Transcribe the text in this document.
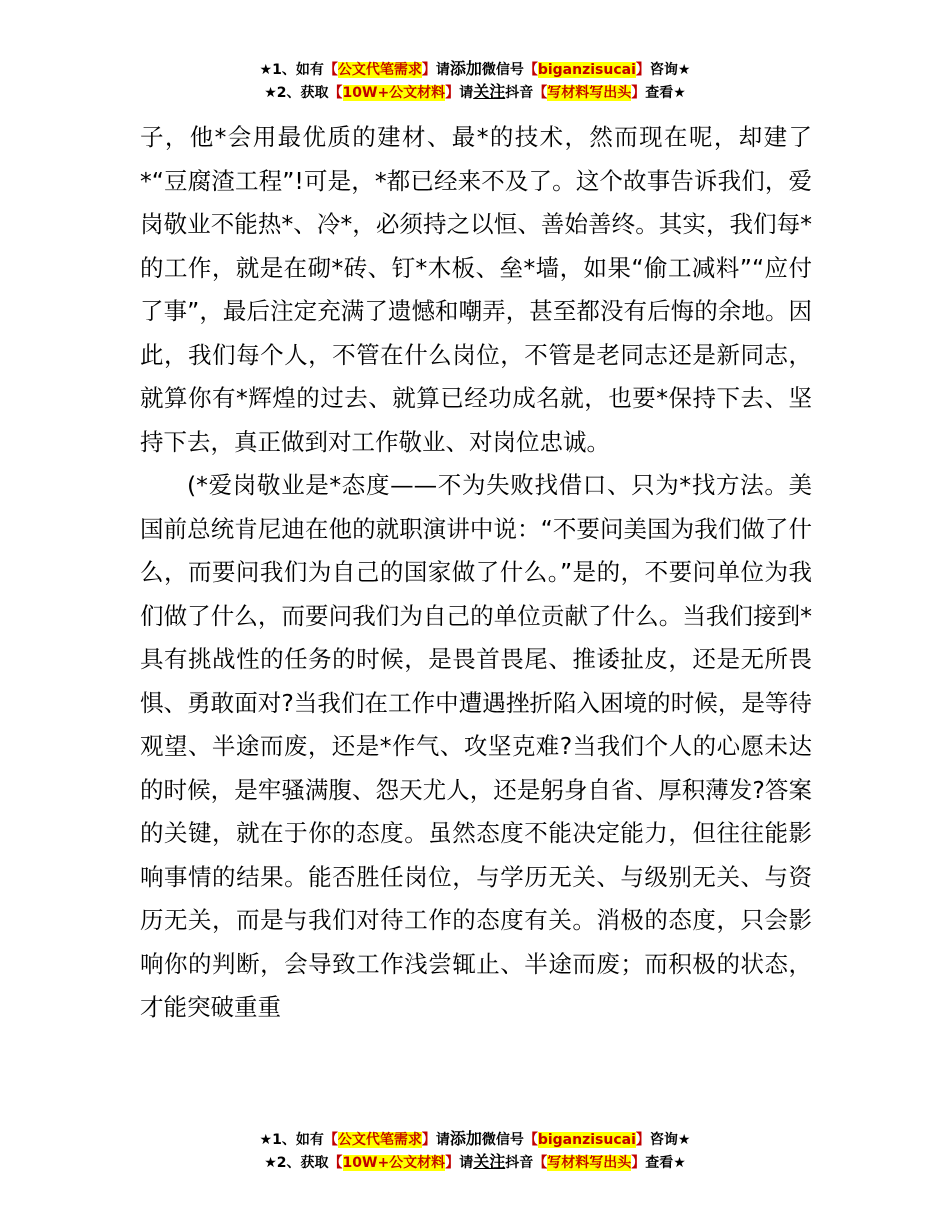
★1、如有【公文代笔需求】请添加微信号【biganzisucai】咨询★
★2、获取【10W+公文材料】请关注抖音【写材料写出头】查看★

子，他*会用最优质的建材、最*的技术，然而现在呢，却建了*“豆腐渣工程”!可是，*都已经来不及了。这个故事告诉我们，爱岗敬业不能热*、冷*，必须持之以恒、善始善终。其实，我们每*的工作，就是在砌*砖、钉*木板、垒*墙，如果“偷工减料”“应付了事”，最后注定充满了遗憾和嘲弄，甚至都没有后悔的余地。因此，我们每个人，不管在什么岗位，不管是老同志还是新同志，就算你有*辉煌的过去、就算已经功成名就，也要*保持下去、坚持下去，真正做到对工作敬业、对岗位忠诚。

(*爱岗敬业是*态度——不为失败找借口、只为*找方法。美国前总统肯尼迪在他的就职演讲中说：“不要问美国为我们做了什么，而要问我们为自己的国家做了什么。”是的，不要问单位为我们做了什么，而要问我们为自己的单位贡献了什么。当我们接到*具有挑战性的任务的时候，是畏首畏尾、推诿扯皮，还是无所畏惧、勇敢面对?当我们在工作中遭遇挫折陷入困境的时候，是等待观望、半途而废，还是*作气、攻坚克难?当我们个人的心愿未达的时候，是牢骚满腹、怨天尤人，还是躬身自省、厚积薄发?答案的关键，就在于你的态度。虽然态度不能决定能力，但往往能影响事情的结果。能否胜任岗位，与学历无关、与级别无关、与资历无关，而是与我们对待工作的态度有关。消极的态度，只会影响你的判断，会导致工作浅尝辄止、半途而废；而积极的状态，才能突破重重

★1、如有【公文代笔需求】请添加微信号【biganzisucai】咨询★
★2、获取【10W+公文材料】请关注抖音【写材料写出头】查看★
